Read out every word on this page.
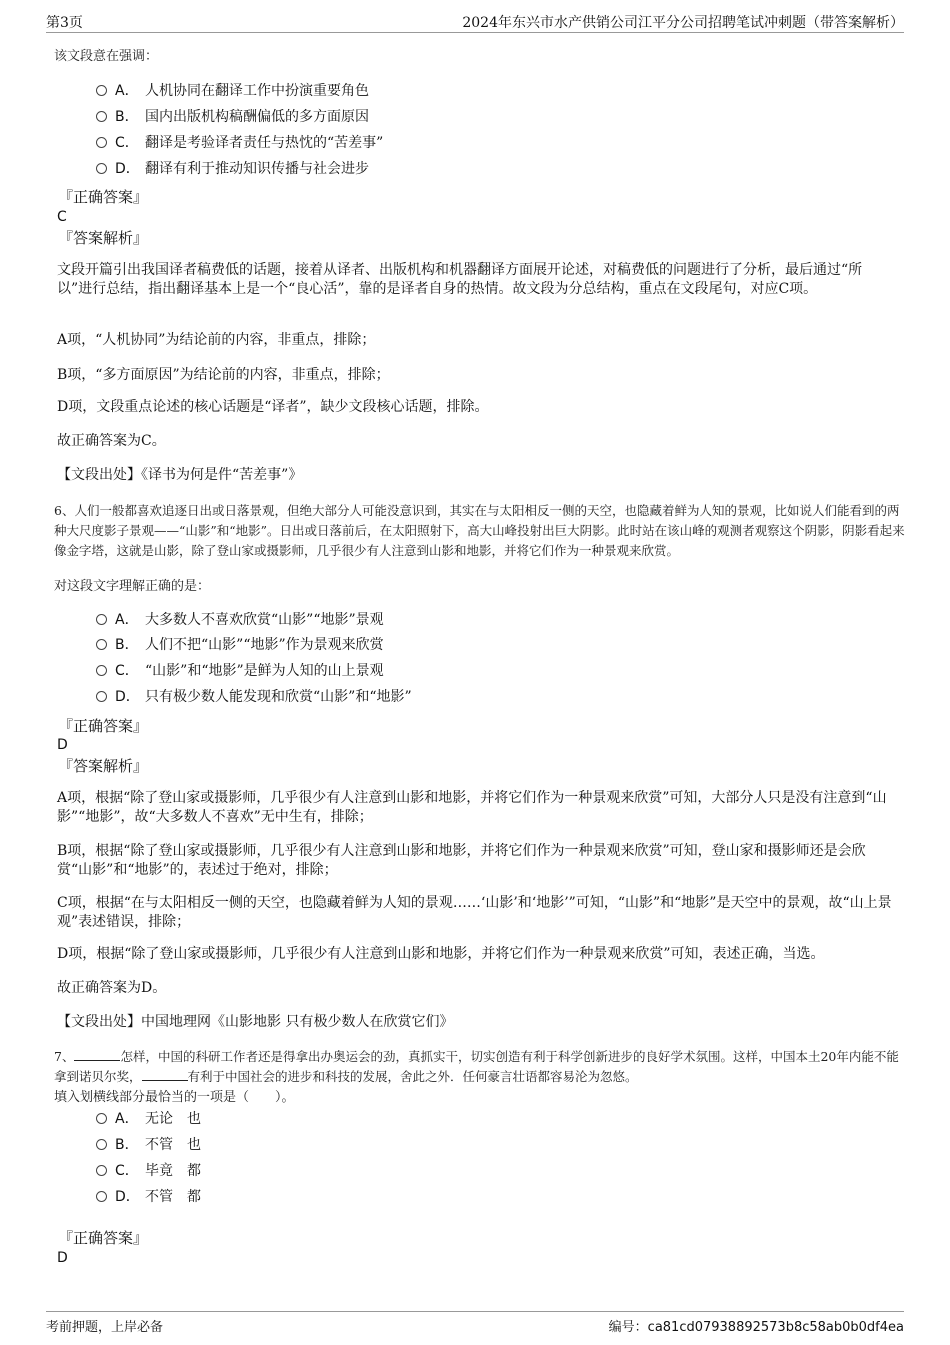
第3页	2024年东兴市水产供销公司江平分公司招聘笔试冲刺题（带答案解析）
该文段意在强调：
A． 人机协同在翻译工作中扮演重要角色
B． 国内出版机构稿酬偏低的多方面原因
C． 翻译是考验译者责任与热忱的“苦差事”
D． 翻译有利于推动知识传播与社会进步
『正确答案』
C
『答案解析』
文段开篇引出我国译者稿费低的话题，接着从译者、出版机构和机器翻译方面展开论述，对稿费低的问题进行了分析，最后通过“所以”进行总结，指出翻译基本上是一个“良心活”，靠的是译者自身的热情。故文段为分总结构，重点在文段尾句，对应C项。
A项，“人机协同”为结论前的内容，非重点，排除；
B项，“多方面原因”为结论前的内容，非重点，排除；
D项，文段重点论述的核心话题是“译者”，缺少文段核心话题，排除。
故正确答案为C。
【文段出处】《译书为何是件“苦差事”》
6、人们一般都喜欢追逐日出或日落景观，但绝大部分人可能没意识到，其实在与太阳相反一侧的天空，也隐藏着鲜为人知的景观，比如说人们能看到的两种大尺度影子景观——“山影”和“地影”。日出或日落前后，在太阳照射下，高大山峰投射出巨大阴影。此时站在该山峰的观测者观察这个阴影，阴影看起来像金字塔，这就是山影，除了登山家或摄影师，几乎很少有人注意到山影和地影，并将它们作为一种景观来欣赏。
对这段文字理解正确的是：
A． 大多数人不喜欢欣赏“山影”“地影”景观
B． 人们不把“山影”“地影”作为景观来欣赏
C． “山影”和“地影”是鲜为人知的山上景观
D． 只有极少数人能发现和欣赏“山影”和“地影”
『正确答案』
D
『答案解析』
A项，根据“除了登山家或摄影师，几乎很少有人注意到山影和地影，并将它们作为一种景观来欣赏”可知，大部分人只是没有注意到“山影”“地影”，故“大多数人不喜欢”无中生有，排除；
B项，根据“除了登山家或摄影师，几乎很少有人注意到山影和地影，并将它们作为一种景观来欣赏”可知，登山家和摄影师还是会欣赏“山影”和“地影”的，表述过于绝对，排除；
C项，根据“在与太阳相反一侧的天空，也隐藏着鲜为人知的景观……‘山影’和‘地影’”可知，“山影”和“地影”是天空中的景观，故“山上景观”表述错误，排除；
D项，根据“除了登山家或摄影师，几乎很少有人注意到山影和地影，并将它们作为一种景观来欣赏”可知，表述正确，当选。
故正确答案为D。
【文段出处】中国地理网《山影地影 只有极少数人在欣赏它们》
7、	怎样，中国的科研工作者还是得拿出办奥运会的劲，真抓实干，切实创造有利于科学创新进步的良好学术氛围。这样，中国本土20年内能不能拿到诺贝尔奖，	有利于中国社会的进步和科技的发展，舍此之外．任何豪言壮语都容易沦为忽悠。
填入划横线部分最恰当的一项是（　　）。
A． 无论　也
B． 不管　也
C． 毕竟　都
D． 不管　都
『正确答案』
D
考前押题，上岸必备	编号：ca81cd07938892573b8c58ab0b0df4ea
